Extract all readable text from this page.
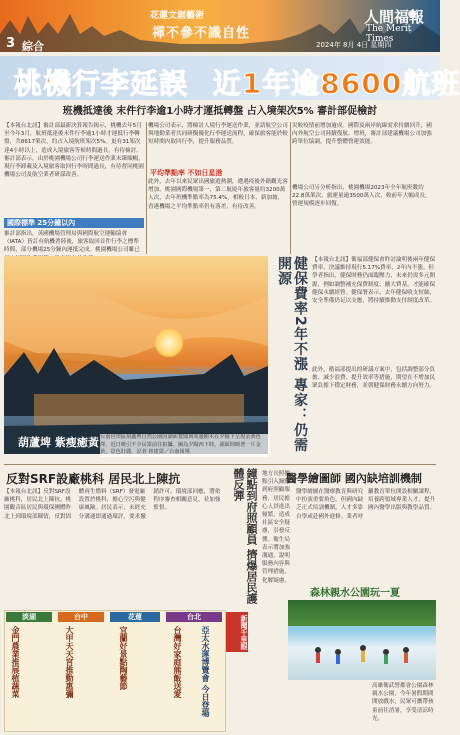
3 綜合
花蓮文創藝術
禪不參不識自性
人間福報
The Merit Times
2024年 8月 4日 星期四
桃機行李延誤 近1年逾8600航班
班機抵達後 末件行李逾1小時才運抵轉盤 占入境架次5% 審計部促檢討
【本報台北訊】審計部最新決算報告揭示，桃機去年5月至今年3月，航班抵達後末件行李逾1小時才運抵行李轉盤，共8617架次，約占入境航班架次5%。更有31架次達4小時以上，造成入境旅客等候時間過長，有待檢討。
審計部表示，由於桃園機場公司行李運送作業未臻順暢，現行李卸載及入境旅客取回行李時間過長，有待督同桃園機場公司及航空業者研謀改善。
國際標準 25分鐘以內
審計部指出，英國機場管理局與國際航空運輸協會（IATA）皆訂有航機著陸後，旅客取回首件行李之標準時間，部分機場25分鐘內運抵完成。桃園機場公司雖已
機場公司表示，將檢討人境行李運送作業，並請航空公司與地勤業者共同研擬優化行李運送流程，確保旅客能於較短時間內取回行李，提升服務品質。
平均準點率 不如日星港
此外，去年以來民眾出國旅遊熱潮，遭遇疫後外籍觀光客增加，桃園國際機場第一、第二航廈年旅客量約3200萬人次，去年班機準點率為75.4%，相較日本、新加坡、香港機場之平均準點率仍有落差，有待改善。
災較疫情前增加逾成。國際及兩岸航線需求持續回升，國內外航空公司陸續復航、增班，審計部建議機場公司加強跨單位協調，提升整體營運效能。
機場公司另分析指出，桃園機場2023年全年航班數約22.8萬架次，旅運量逾3500萬人次，較前年大幅成長，營運規模逐步回復。
葫蘆埤 紫瘦癒黃 台南官田區葫蘆埤自然公園因湖面寬闊與周邊樹木在夕陽下呈現金黃色澤，近日吸引不少民眾前往拍攝。圖為夕陽西下時，湖面倒映著一片金黃，景色壯麗。記者 林建榮／台南報導	健保費率2年不漲 專家：仍需開源	【本報台北訊】衛福部健保會昨討論明後兩年健保費率，決議維持現行5.17%費率，2年內不漲。但學者指出，健保財務仍面臨壓力，未來仍需多元開源，例如調整補充保費制度、擴大費基，才能確保健保永續經營。健保署表示，去年健保收支短絀，安全準備仍足以支應，將持續推動支付制度改革。
此外，衛福部提出的研議方案中，包括調整部分負擔、減少浪費、提升效率等措施，期望在不增加民眾負擔下穩定財務，並朝健保財務永續方向努力。
反對SRF設廠桃科 居民北上陳抗
【本報台北訊】反對SRF設廠桃科，居民北上陳抗。桃園觀音區居民與環保團體昨北上到環境部陳情，反對固體再生燃料（SRF）發電廠設置於桃科，擔心空污與健康風險。居民表示，未經充分溝通即通過環評，要求撤銷許可。環境部回應，將依程序審查相關意見，並加強監督。	鐘點到府照顧員 擠爆居民護體反彈	地方長照據點引入鐘點到府照顧服務，居民擔心人員進出頻繁，造成社區安全疑慮，引發反彈。衛生局表示將加強溝通，說明服務內容與管理措施，化解疑慮。
醫學繪圖師 國內缺培訓機制
醫學繪圖在醫療教育與研究中扮演重要角色，但國內缺乏正式培訓機制，人才多靠自學或赴國外進修。業者呼籲教育單位開設相關課程，培養跨領域專業人才，提升國內醫學出版與教學品質。
淡湖	台中	花蓮	台北
金門農業推展植蔬菜	大甲天天宮推動惠彌	宜蘭好景點陶藝節	台灣好家庭熊飯送愛 亞太水運博覽會 今日登場	新聞千里眼
森林親水公園玩一夏
高雄衛武營都會公園森林親水公園，今年暑假期間開放戲水，民眾可攜帶孩童前往消暑，享受清涼時光。
